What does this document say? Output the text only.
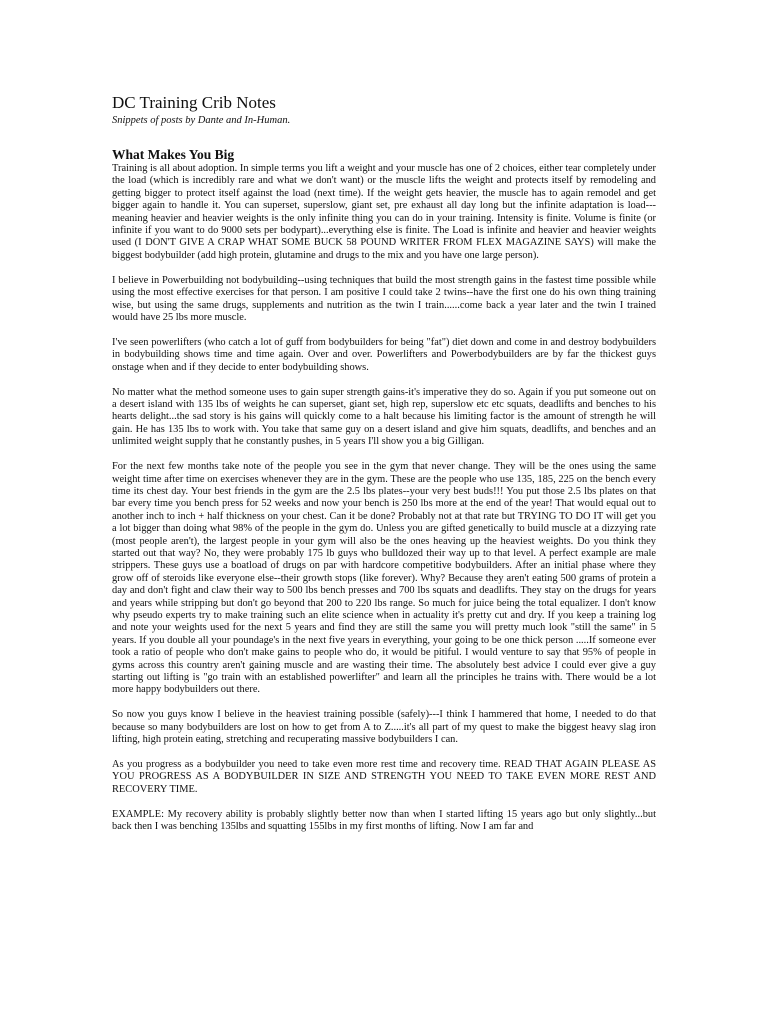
DC Training Crib Notes

Snippets of posts by Dante and In-Human.

What Makes You Big

Training is all about adoption. In simple terms you lift a weight and your muscle has one of 2 choices, either tear completely under the load (which is incredibly rare and what we don't want) or the muscle lifts the weight and protects itself by remodeling and getting bigger to protect itself against the load (next time). If the weight gets heavier, the muscle has to again remodel and get bigger again to handle it. You can superset, superslow, giant set, pre exhaust all day long but the infinite adaptation is load---meaning heavier and heavier weights is the only infinite thing you can do in your training. Intensity is finite. Volume is finite (or infinite if you want to do 9000 sets per bodypart)...everything else is finite. The Load is infinite and heavier and heavier weights used (I DON'T GIVE A CRAP WHAT SOME BUCK 58 POUND WRITER FROM FLEX MAGAZINE SAYS) will make the biggest bodybuilder (add high protein, glutamine and drugs to the mix and you have one large person).

I believe in Powerbuilding not bodybuilding--using techniques that build the most strength gains in the fastest time possible while using the most effective exercises for that person. I am positive I could take 2 twins--have the first one do his own thing training wise, but using the same drugs, supplements and nutrition as the twin I train......come back a year later and the twin I trained would have 25 lbs more muscle.

I've seen powerlifters (who catch a lot of guff from bodybuilders for being "fat") diet down and come in and destroy bodybuilders in bodybuilding shows time and time again. Over and over. Powerlifters and Powerbodybuilders are by far the thickest guys onstage when and if they decide to enter bodybuilding shows.

No matter what the method someone uses to gain super strength gains-it's imperative they do so. Again if you put someone out on a desert island with 135 lbs of weights he can superset, giant set, high rep, superslow etc etc squats, deadlifts and benches to his hearts delight...the sad story is his gains will quickly come to a halt because his limiting factor is the amount of strength he will gain. He has 135 lbs to work with. You take that same guy on a desert island and give him squats, deadlifts, and benches and an unlimited weight supply that he constantly pushes, in 5 years I'll show you a big Gilligan.

For the next few months take note of the people you see in the gym that never change. They will be the ones using the same weight time after time on exercises whenever they are in the gym. These are the people who use 135, 185, 225 on the bench every time its chest day. Your best friends in the gym are the 2.5 lbs plates--your very best buds!!! You put those 2.5 lbs plates on that bar every time you bench press for 52 weeks and now your bench is 250 lbs more at the end of the year! That would equal out to another inch to inch + half thickness on your chest. Can it be done? Probably not at that rate but TRYING TO DO IT will get you a lot bigger than doing what 98% of the people in the gym do. Unless you are gifted genetically to build muscle at a dizzying rate (most people aren't), the largest people in your gym will also be the ones heaving up the heaviest weights. Do you think they started out that way? No, they were probably 175 lb guys who bulldozed their way up to that level. A perfect example are male strippers. These guys use a boatload of drugs on par with hardcore competitive bodybuilders. After an initial phase where they grow off of steroids like everyone else--their growth stops (like forever). Why? Because they aren't eating 500 grams of protein a day and don't fight and claw their way to 500 lbs bench presses and 700 lbs squats and deadlifts. They stay on the drugs for years and years while stripping but don't go beyond that 200 to 220 lbs range. So much for juice being the total equalizer. I don't know why pseudo experts try to make training such an elite science when in actuality it's pretty cut and dry. If you keep a training log and note your weights used for the next 5 years and find they are still the same you will pretty much look "still the same" in 5 years. If you double all your poundage's in the next five years in everything, your going to be one thick person .....If someone ever took a ratio of people who don't make gains to people who do, it would be pitiful. I would venture to say that 95% of people in gyms across this country aren't gaining muscle and are wasting their time. The absolutely best advice I could ever give a guy starting out lifting is "go train with an established powerlifter" and learn all the principles he trains with. There would be a lot more happy bodybuilders out there.

So now you guys know I believe in the heaviest training possible (safely)---I think I hammered that home, I needed to do that because so many bodybuilders are lost on how to get from A to Z.....it's all part of my quest to make the biggest heavy slag iron lifting, high protein eating, stretching and recuperating massive bodybuilders I can.

As you progress as a bodybuilder you need to take even more rest time and recovery time. READ THAT AGAIN PLEASE AS YOU PROGRESS AS A BODYBUILDER IN SIZE AND STRENGTH YOU NEED TO TAKE EVEN MORE REST AND RECOVERY TIME.

EXAMPLE: My recovery ability is probably slightly better now than when I started lifting 15 years ago but only slightly...but back then I was benching 135lbs and squatting 155lbs in my first months of lifting. Now I am far and
